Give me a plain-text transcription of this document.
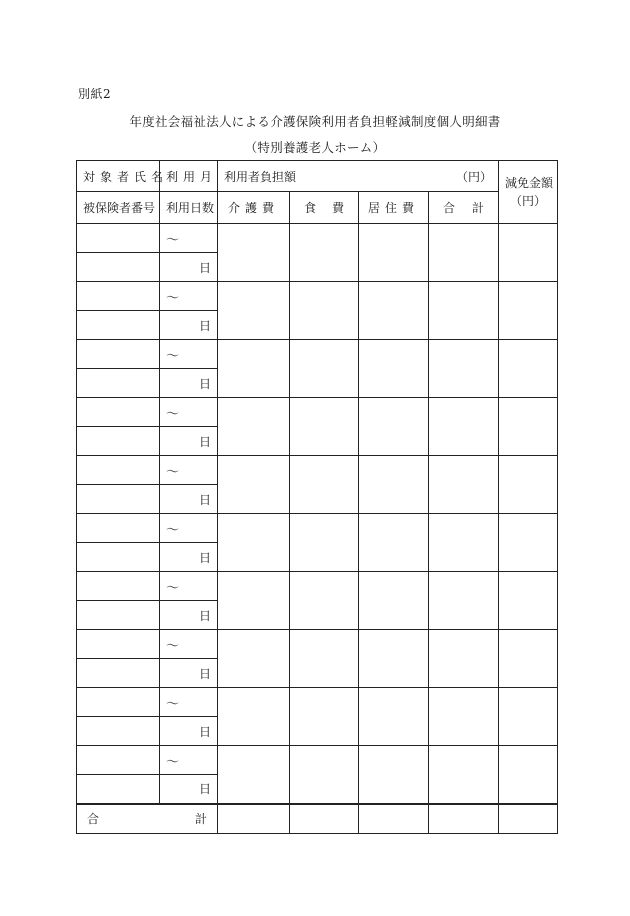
別紙2
年度社会福祉法人による介護保険利用者負担軽減制度個人明細書
（特別養護老人ホーム）
対象者氏名	利用月	利用者負担額 （円）				減免金額
（円）

被保険者番号	利用日数	介護費	食 費	居住費	合 計	

	～					
	日					
	～					
	日					
	～					
	日					
	～					
	日					
	～					
	日					
	～					
	日					
	～					
	日					
	～					
	日					
	～					
	日					
	～					
	日					

合 計						
